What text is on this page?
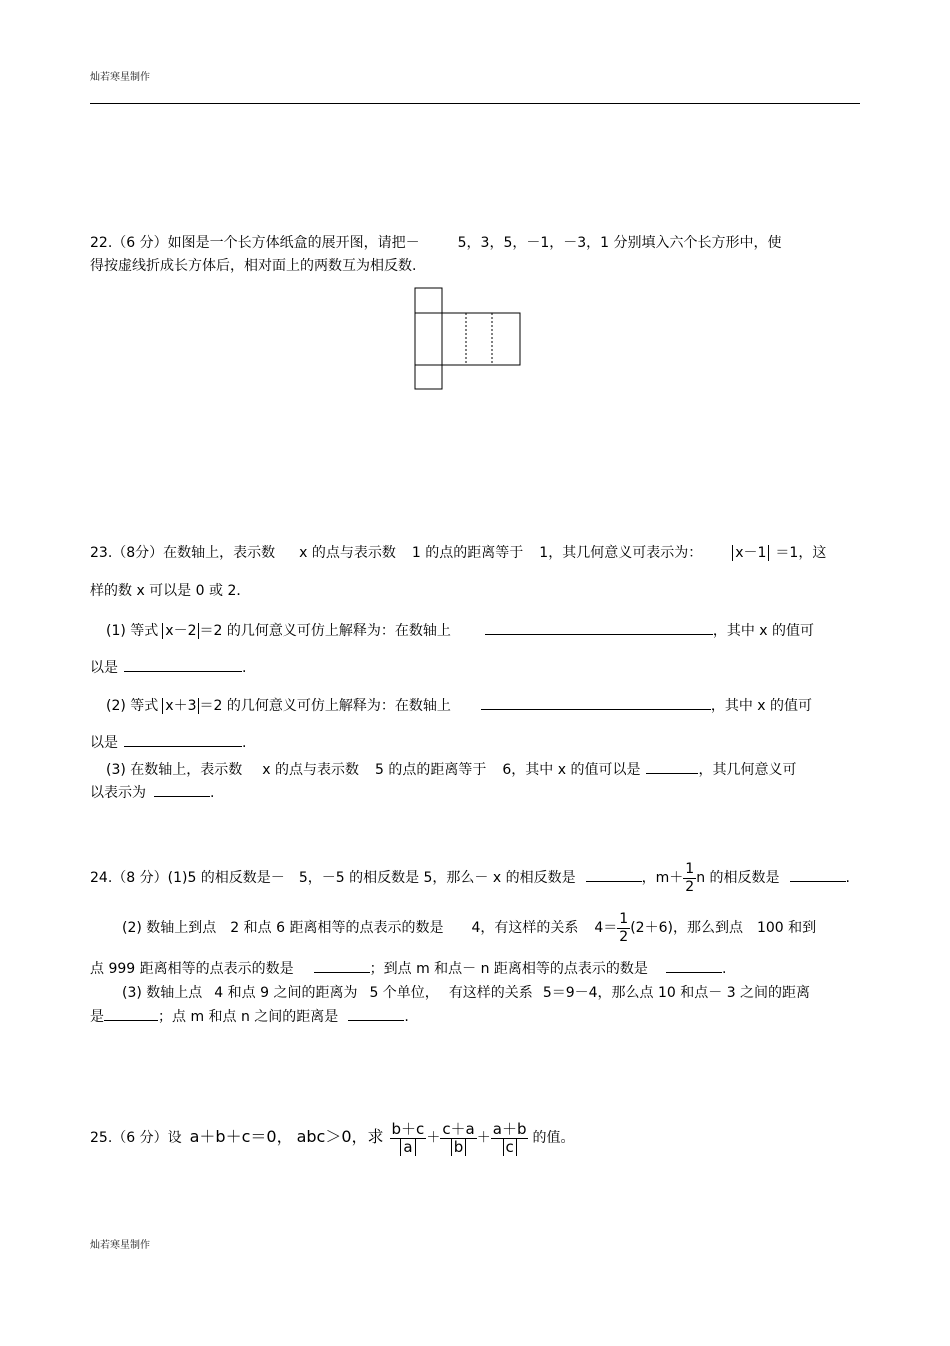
灿若寒星制作
22.（6 分）如图是一个长方体纸盒的展开图，请把－	5，3，5，－1，－3，1 分别填入六个长方形中，使
得按虚线折成长方体后，相对面上的两数互为相反数.
23.（8分）在数轴上，表示数 x 的点与表示数 1 的点的距离等于 1，其几何意义可表示为： x－1 ＝1，这
样的数 x 可以是 0 或 2．
(1) 等式 x－2 ＝2 的几何意义可仿上解释为：在数轴上	，其中 x 的值可
以是	.
(2) 等式 x＋3 ＝2 的几何意义可仿上解释为：在数轴上	，其中 x 的值可
以是	.
(3) 在数轴上，表示数 x 的点与表示数 5 的点的距离等于 6，其中 x 的值可以是	，其几何意义可
以表示为	.
24.（8 分）(1)5 的相反数是－ 5，－5 的相反数是 5，那么－ x 的相反数是	，$m+ \frac{1}{2}$ n 的相反数是	.
(2) 数轴上到点 2 和点 6 距离相等的点表示的数是 4，有这样的关系 $4= \frac{1}{2} (2+6)$，那么到点 100 和到
点 999 距离相等的点表示的数是	；到点 m 和点－ n 距离相等的点表示的数是	.
(3) 数轴上点 4 和点 9 之间的距离为 5 个单位， 有这样的关系 5＝9－4，那么点 10 和点－ 3 之间的距离
是	；点 m 和点 n 之间的距离是	.
25.（6 分）设 a＋b＋c＝0， abc＞0，求 $\frac{b+c}{a} + \frac{c+a}{b} + \frac{a+b}{c}$ 的值。
灿若寒星制作
